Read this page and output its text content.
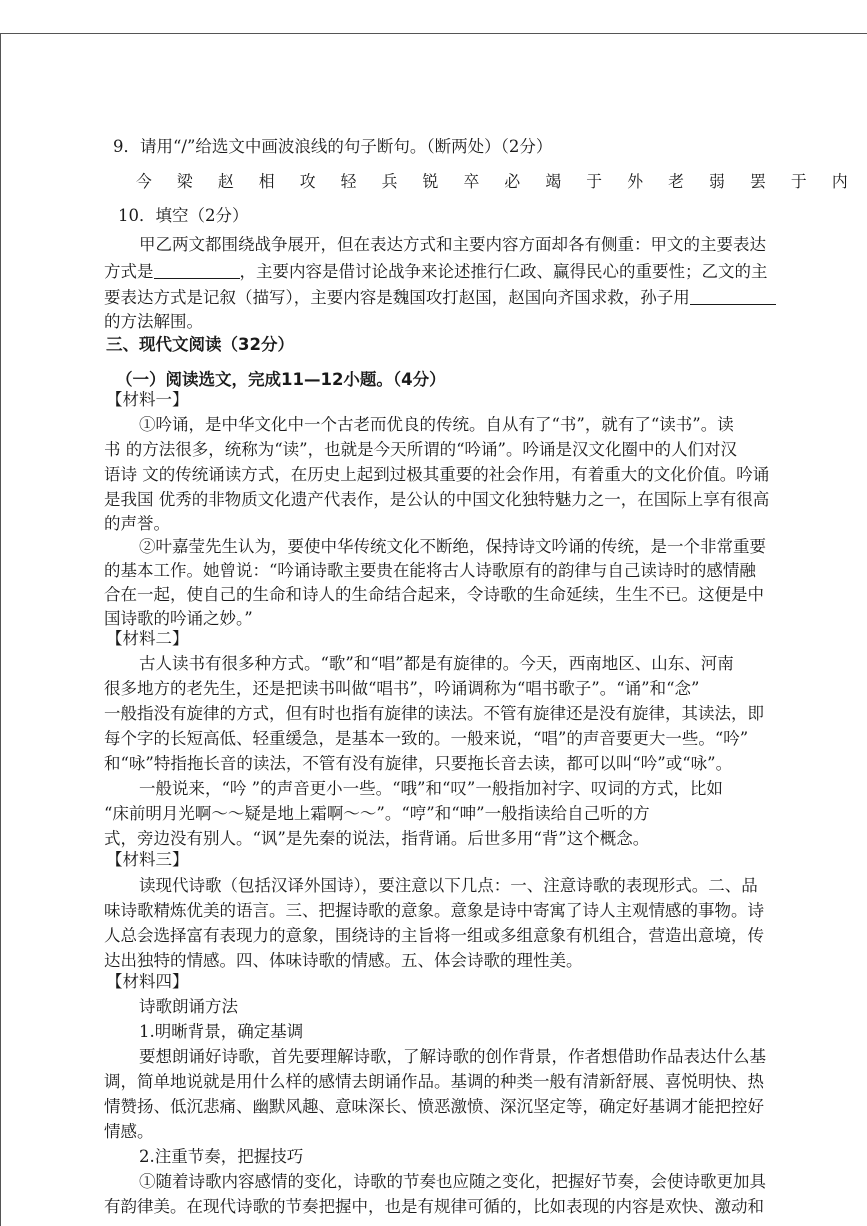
9．请用“/”给选文中画波浪线的句子断句。（断两处）（2分）
今 梁 赵 相 攻 轻 兵 锐 卒 必 竭 于 外 老 弱 罢 于 内
10．填空（2分）
甲乙两文都围绕战争展开，但在表达方式和主要内容方面却各有侧重：甲文的主要表达
方式是	，主要内容是借讨论战争来论述推行仁政、赢得民心的重要性；乙文的主
要表达方式是记叙（描写），主要内容是魏国攻打赵国，赵国向齐国求救，孙子用
的方法解围。
三、现代文阅读（32分）
（一）阅读选文，完成11—12小题。（4分）
【材料一】
①吟诵，是中华文化中一个古老而优良的传统。自从有了“书”，就有了“读书”。读
书 的方法很多，统称为“读”，也就是今天所谓的“吟诵”。吟诵是汉文化圈中的人们对汉
语诗 文的传统诵读方式，在历史上起到过极其重要的社会作用，有着重大的文化价值。吟诵
是我国 优秀的非物质文化遗产代表作，是公认的中国文化独特魅力之一，在国际上享有很高
的声誉。
②叶嘉莹先生认为，要使中华传统文化不断绝，保持诗文吟诵的传统，是一个非常重要
的基本工作。她曾说：“吟诵诗歌主要贵在能将古人诗歌原有的韵律与自己读诗时的感情融
合在一起，使自己的生命和诗人的生命结合起来，令诗歌的生命延续，生生不已。这便是中
国诗歌的吟诵之妙。”
【材料二】
古人读书有很多种方式。“歌”和“唱”都是有旋律的。今天，西南地区、山东、河南
很多地方的老先生，还是把读书叫做“唱书”，吟诵调称为“唱书歌子”。“诵”和“念”
一般指没有旋律的方式，但有时也指有旋律的读法。不管有旋律还是没有旋律，其读法，即
每个字的长短高低、轻重缓急，是基本一致的。一般来说，“唱”的声音要更大一些。“吟”
和“咏”特指拖长音的读法，不管有没有旋律，只要拖长音去读，都可以叫“吟”或“咏”。
一般说来，“吟 ”的声音更小一些。“哦”和“叹”一般指加衬字、叹词的方式，比如
“床前明月光啊～～疑是地上霜啊～～”。“哼”和“呻”一般指读给自己听的方
式，旁边没有别人。“讽”是先秦的说法，指背诵。后世多用“背”这个概念。
【材料三】
读现代诗歌（包括汉译外国诗），要注意以下几点：一、注意诗歌的表现形式。二、品
味诗歌精炼优美的语言。三、把握诗歌的意象。意象是诗中寄寓了诗人主观情感的事物。诗
人总会选择富有表现力的意象，围绕诗的主旨将一组或多组意象有机组合，营造出意境，传
达出独特的情感。四、体味诗歌的情感。五、体会诗歌的理性美。
【材料四】
诗歌朗诵方法
1.明晰背景，确定基调
要想朗诵好诗歌，首先要理解诗歌，了解诗歌的创作背景，作者想借助作品表达什么基
调，简单地说就是用什么样的感情去朗诵作品。基调的种类一般有清新舒展、喜悦明快、热
情赞扬、低沉悲痛、幽默风趣、意味深长、愤恶激愤、深沉坚定等，确定好基调才能把控好
情感。
2.注重节奏，把握技巧
①随着诗歌内容感情的变化，诗歌的节奏也应随之变化，把握好节奏，会使诗歌更加具
有韵律美。在现代诗歌的节奏把握中，也是有规律可循的，比如表现的内容是欢快、激动和
